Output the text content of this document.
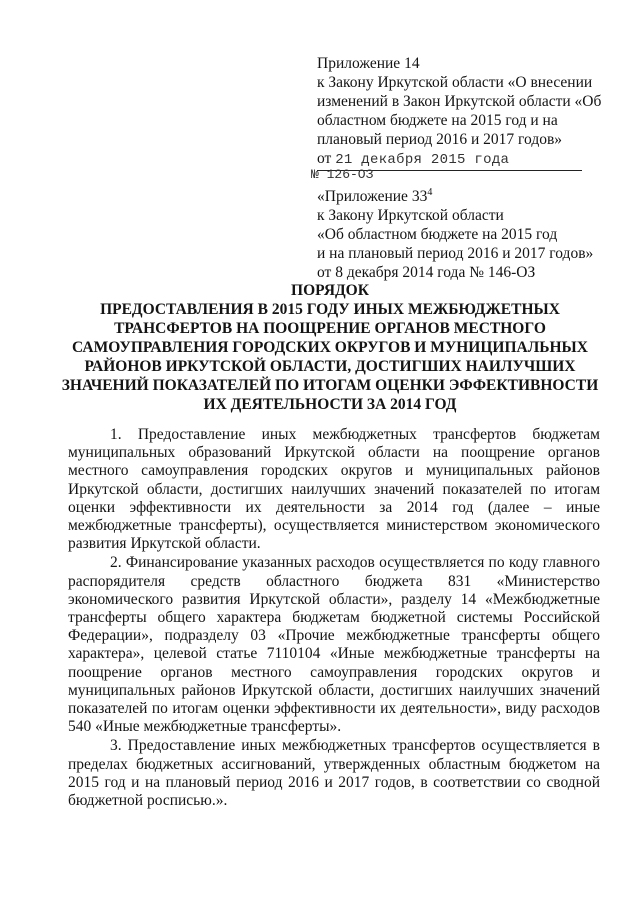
Приложение 14
к Закону Иркутской области «О внесении
изменений в Закон Иркутской области «Об
областном бюджете на 2015 год и на
плановый период 2016 и 2017 годов»
от 21 декабря 2015 года
№ 126-ОЗ
«Приложение $33^4$
к Закону Иркутской области
«Об областном бюджете на 2015 год
и на плановый период 2016 и 2017 годов»
от 8 декабря 2014 года № 146-ОЗ
ПОРЯДОК
ПРЕДОСТАВЛЕНИЯ В 2015 ГОДУ ИНЫХ МЕЖБЮДЖЕТНЫХ
ТРАНСФЕРТОВ НА ПООЩРЕНИЕ ОРГАНОВ МЕСТНОГО
САМОУПРАВЛЕНИЯ ГОРОДСКИХ ОКРУГОВ И МУНИЦИПАЛЬНЫХ
РАЙОНОВ ИРКУТСКОЙ ОБЛАСТИ, ДОСТИГШИХ НАИЛУЧШИХ
ЗНАЧЕНИЙ ПОКАЗАТЕЛЕЙ ПО ИТОГАМ ОЦЕНКИ ЭФФЕКТИВНОСТИ
ИХ ДЕЯТЕЛЬНОСТИ ЗА 2014 ГОД

1. Предоставление иных межбюджетных трансфертов бюджетам муниципальных образований Иркутской области на поощрение органов местного самоуправления городских округов и муниципальных районов Иркутской области, достигших наилучших значений показателей по итогам оценки эффективности их деятельности за 2014 год (далее – иные межбюджетные трансферты), осуществляется министерством экономического развития Иркутской области.

2. Финансирование указанных расходов осуществляется по коду главного распорядителя средств областного бюджета 831 «Министерство экономического развития Иркутской области», разделу 14 «Межбюджетные трансферты общего характера бюджетам бюджетной системы Российской Федерации», подразделу 03 «Прочие межбюджетные трансферты общего характера», целевой статье 7110104 «Иные межбюджетные трансферты на поощрение органов местного самоуправления городских округов и муниципальных районов Иркутской области, достигших наилучших значений показателей по итогам оценки эффективности их деятельности», виду расходов 540 «Иные межбюджетные трансферты».

3. Предоставление иных межбюджетных трансфертов осуществляется в пределах бюджетных ассигнований, утвержденных областным бюджетом на 2015 год и на плановый период 2016 и 2017 годов, в соответствии со сводной бюджетной росписью.».
